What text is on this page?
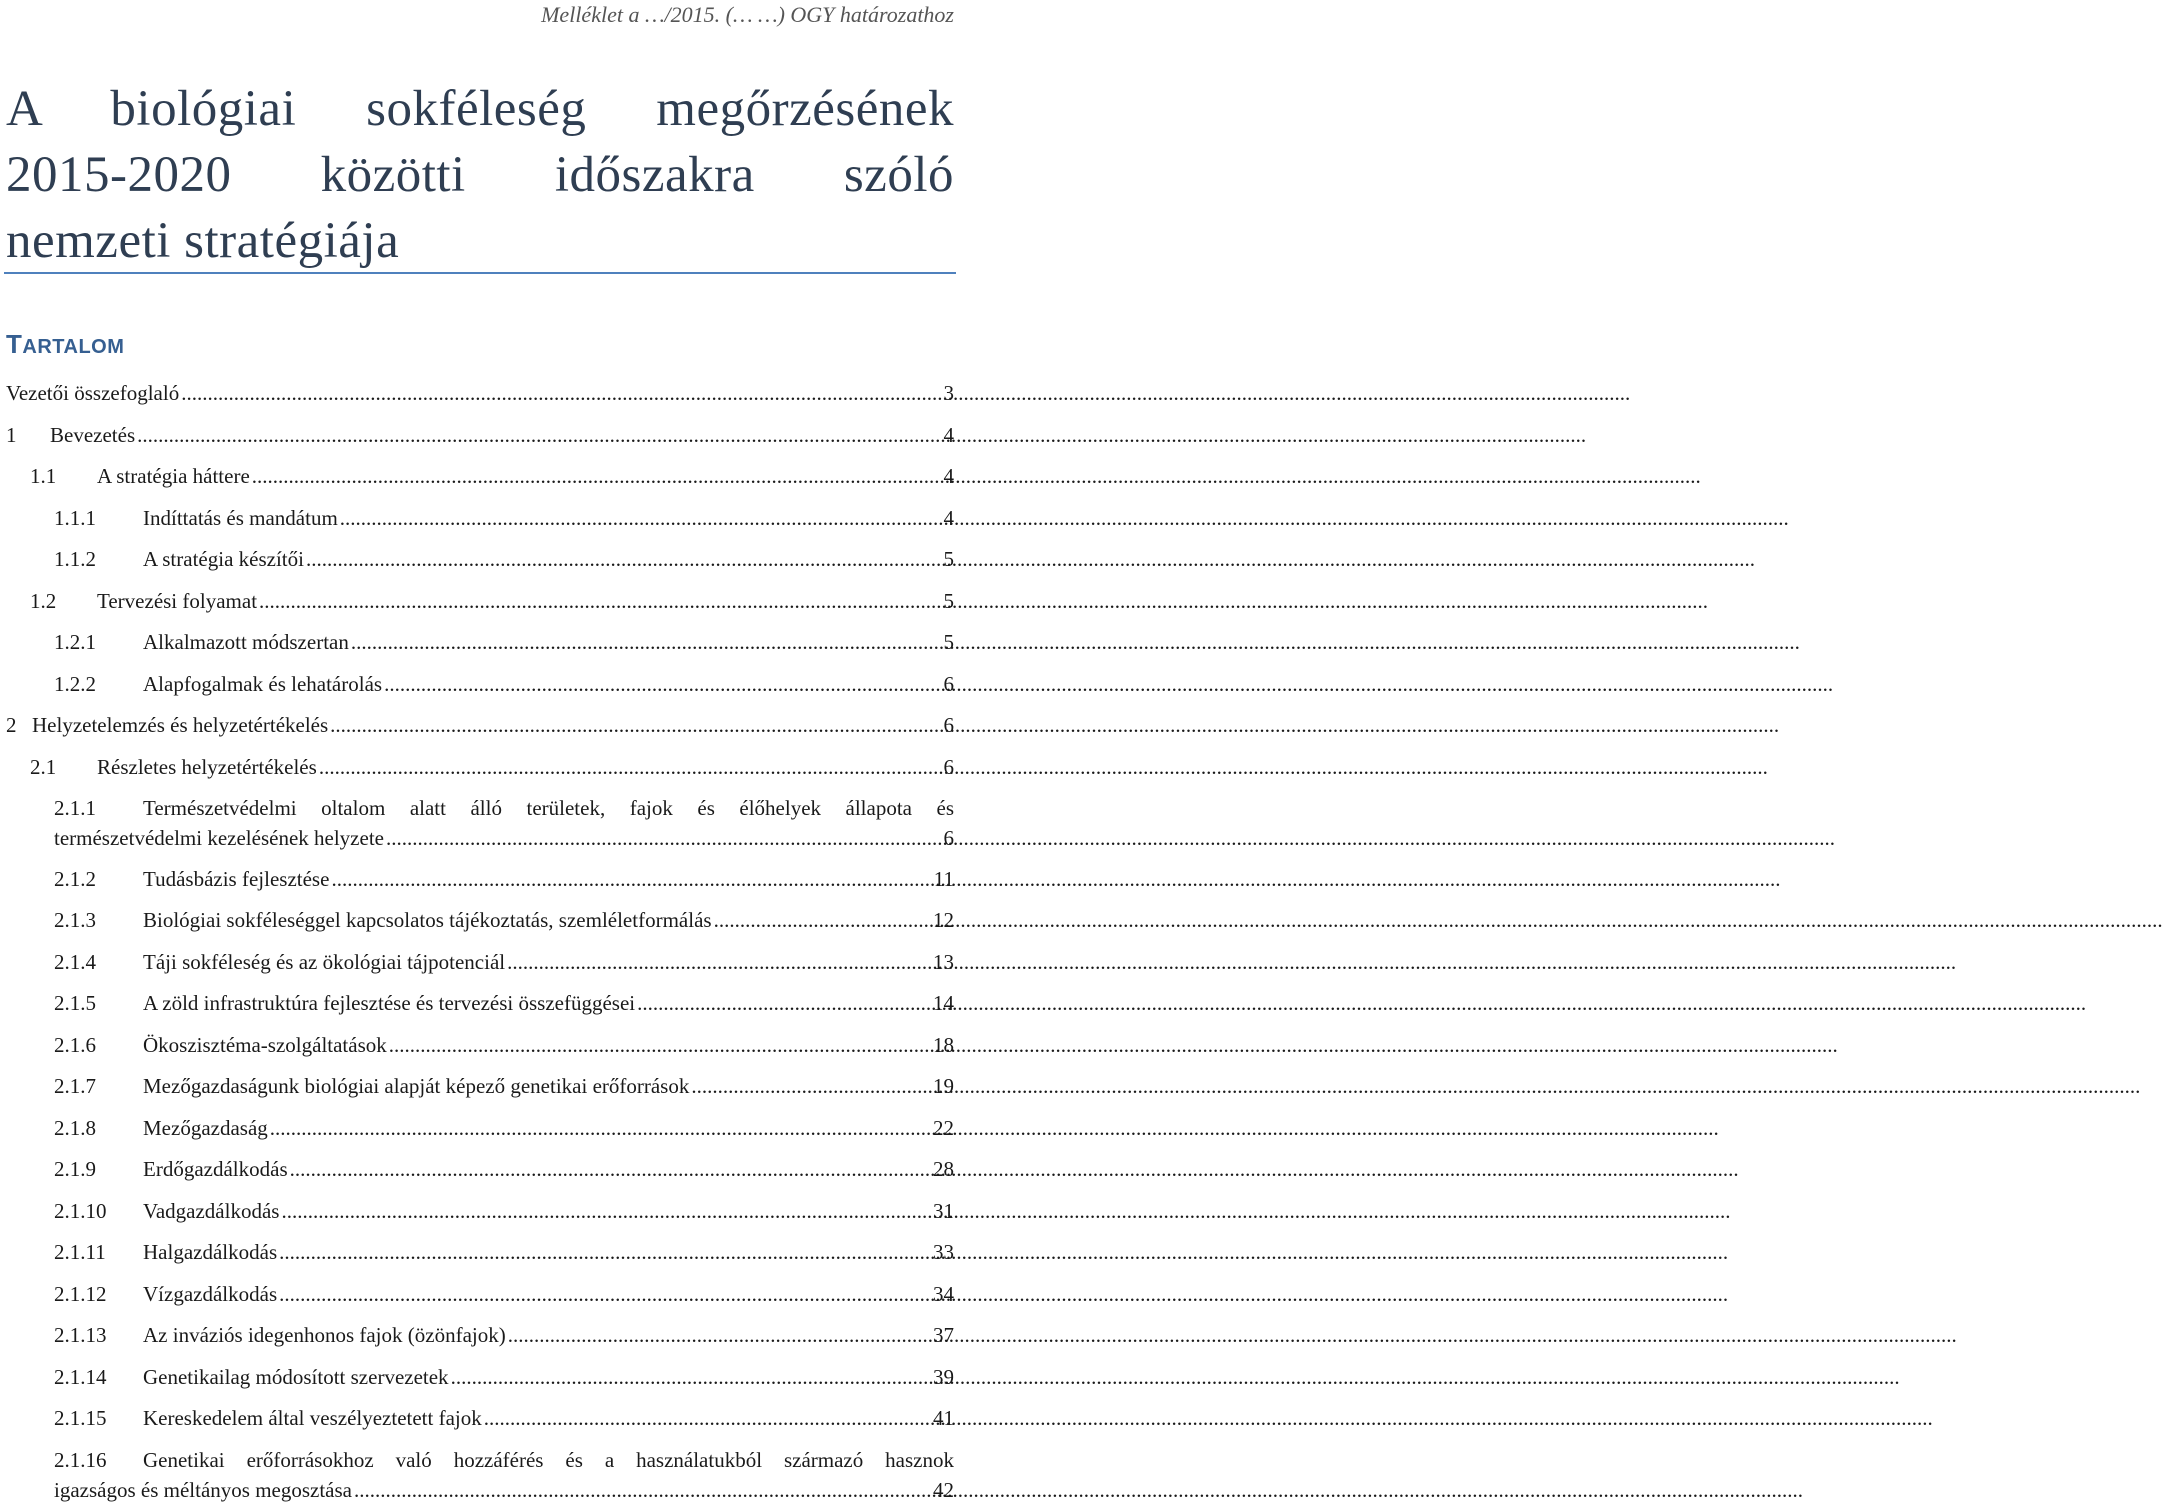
Melléklet a …/2015. (… …) OGY határozathoz
A biológiai sokféleség megőrzésének
2015-2020 közötti időszakra szóló
nemzeti stratégiája
TARTALOM
Vezetői összefoglaló .....	3
1	Bevezetés .....	4
1.1	A stratégia háttere .....	4
1.1.1	Indíttatás és mandátum .....	4
1.1.2	A stratégia készítői .....	5
1.2	Tervezési folyamat .....	5
1.2.1	Alkalmazott módszertan .....	5
1.2.2	Alapfogalmak és lehatárolás .....	6
2 Helyzetelemzés és helyzetértékelés .....	6
2.1	Részletes helyzetértékelés .....	6
2.1.1	Természetvédelmi oltalom alatt álló területek, fajok és élőhelyek állapota és
természetvédelmi kezelésének helyzete .....	6
2.1.2	Tudásbázis fejlesztése .....	11
2.1.3	Biológiai sokféleséggel kapcsolatos tájékoztatás, szemléletformálás .....	12
2.1.4	Táji sokféleség és az ökológiai tájpotenciál .....	13
2.1.5	A zöld infrastruktúra fejlesztése és tervezési összefüggései .....	14
2.1.6	Ökoszisztéma-szolgáltatások .....	18
2.1.7	Mezőgazdaságunk biológiai alapját képező genetikai erőforrások .....	19
2.1.8	Mezőgazdaság .....	22
2.1.9	Erdőgazdálkodás .....	28
2.1.10	Vadgazdálkodás .....	31
2.1.11	Halgazdálkodás .....	33
2.1.12	Vízgazdálkodás .....	34
2.1.13	Az inváziós idegenhonos fajok (özönfajok) .....	37
2.1.14	Genetikailag módosított szervezetek .....	39
2.1.15	Kereskedelem által veszélyeztetett fajok .....	41
2.1.16	Genetikai erőforrásokhoz való hozzáférés és a használatukból származó hasznok
igazságos és méltányos megosztása .....	42
